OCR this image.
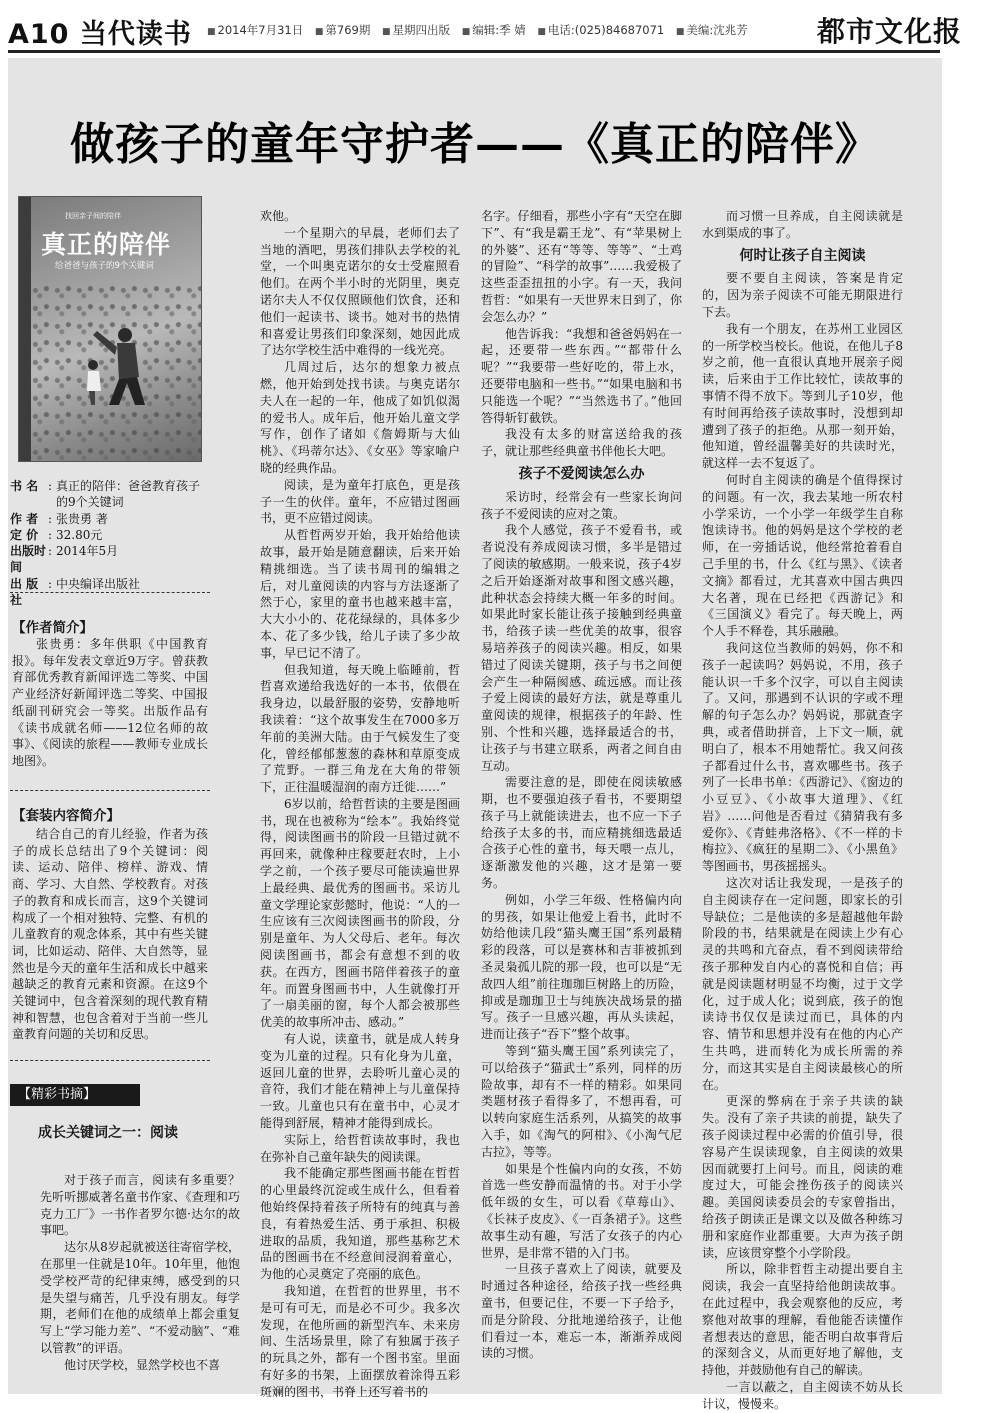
A10 当代读书	■ 2014年7月31日 ■ 第769期 ■ 星期四出版 ■ 编辑:季 婧 ■ 电话:(025)84687071 ■ 美编:沈兆芳	都市文化报
做孩子的童年守护者——《真正的陪伴》
找回亲子间的陪伴
真正的陪伴
给爸爸与孩子的9个关键词
书 名 : 真正的陪伴：爸爸教育孩子的9个关键词
作 者 : 张贵勇 著
定 价 : 32.80元
出版时间
: 2014年5月
出 版 社
: 中央编译出版社
【作者简介】
张贵勇：多年供职《中国教育报》。每年发表文章近9万字。曾获教育部优秀教育新闻评选二等奖、中国产业经济好新闻评选二等奖、中国报纸副刊研究会一等奖。出版作品有《读书成就名师——12位名师的故事》、《阅读的旅程——教师专业成长地图》。
【套装内容简介】
结合自己的育儿经验，作者为孩子的成长总结出了9个关键词：阅读、运动、陪伴、榜样、游戏、情商、学习、大自然、学校教育。对孩子的教育和成长而言，这9个关键词构成了一个相对独特、完整、有机的儿童教育的观念体系，其中有些关键词，比如运动、陪伴、大自然等，显然也是今天的童年生活和成长中越来越缺乏的教育元素和资源。在这9个关键词中，包含着深刻的现代教育精神和智慧，也包含着对于当前一些儿童教育问题的关切和反思。
【精彩书摘】
成长关键词之一：阅读

对于孩子而言，阅读有多重要？先听听挪威著名童书作家、《查理和巧克力工厂》一书作者罗尔德·达尔的故事吧。

达尔从8岁起就被送往寄宿学校，在那里一住就是10年。10年里，他饱受学校严苛的纪律束缚，感受到的只是失望与痛苦，几乎没有朋友。每学期，老师们在他的成绩单上都会重复写上“学习能力差”、“不爱动脑”、“难以管教”的评语。

他讨厌学校，显然学校也不喜

欢他。

一个星期六的早晨，老师们去了当地的酒吧，男孩们排队去学校的礼堂，一个叫奥克诺尔的女士受雇照看他们。在两个半小时的光阴里，奥克诺尔夫人不仅仅照顾他们饮食，还和他们一起读书、谈书。她对书的热情和喜爱让男孩们印象深刻，她因此成了达尔学校生活中难得的一线光亮。

几周过后，达尔的想象力被点燃，他开始到处找书读。与奥克诺尔夫人在一起的一年，他成了如饥似渴的爱书人。成年后，他开始儿童文学写作，创作了诸如《詹姆斯与大仙桃》、《玛蒂尔达》、《女巫》等家喻户晓的经典作品。

阅读，是为童年打底色，更是孩子一生的伙伴。童年，不应错过图画书，更不应错过阅读。

从哲哲两岁开始，我开始给他读故事，最开始是随意翻读，后来开始精挑细选。当了读书周刊的编辑之后，对儿童阅读的内容与方法逐渐了然于心，家里的童书也越来越丰富，大大小小的、花花绿绿的，具体多少本、花了多少钱，给儿子读了多少故事，早已记不清了。

但我知道，每天晚上临睡前，哲哲喜欢递给我选好的一本书，依偎在我身边，以最舒服的姿势，安静地听我读着：“这个故事发生在7000多万年前的美洲大陆。由于气候发生了变化，曾经郁郁葱葱的森林和草原变成了荒野。一群三角龙在大角的带领下，正往温暖湿润的南方迁徙……”

6岁以前，给哲哲读的主要是图画书，现在也被称为“绘本”。我始终觉得，阅读图画书的阶段一旦错过就不再回来，就像种庄稼要赶农时，上小学之前，一个孩子要尽可能读遍世界上最经典、最优秀的图画书。采访儿童文学理论家彭懿时，他说：“人的一生应该有三次阅读图画书的阶段，分别是童年、为人父母后、老年。每次阅读图画书，都会有意想不到的收获。在西方，图画书陪伴着孩子的童年。而置身图画书中，人生就像打开了一扇美丽的窗，每个人都会被那些优美的故事所冲击、感动。”

有人说，读童书，就是成人转身变为儿童的过程。只有化身为儿童，返回儿童的世界，去聆听儿童心灵的音符，我们才能在精神上与儿童保持一致。儿童也只有在童书中，心灵才能得到舒展，精神才能得到成长。

实际上，给哲哲读故事时，我也在弥补自己童年缺失的阅读课。

我不能确定那些图画书能在哲哲的心里最终沉淀或生成什么，但看着他始终保持着孩子所特有的纯真与善良，有着热爱生活、勇于承担、积极进取的品质，我知道，那些基称艺术品的图画书在不经意间浸润着童心，为他的心灵奠定了亮丽的底色。

我知道，在哲哲的世界里，书不是可有可无，而是必不可少。我多次发现，在他所画的新型汽车、未来房间、生活场景里，除了有独属于孩子的玩具之外，都有一个图书室。里面有好多的书架，上面摆放着涂得五彩斑斓的图书，书脊上还写着书的

名字。仔细看，那些小字有“天空在脚下”、有“我是霸王龙”、有“苹果树上的外婆”、还有“等等、等等”、“土鸡的冒险”、“科学的故事”……我爱极了这些歪歪扭扭的小字。有一天，我问哲哲：“如果有一天世界末日到了，你会怎么办？”

他告诉我：“我想和爸爸妈妈在一起，还要带一些东西。”“都带什么呢？”“我要带一些好吃的，带上水，还要带电脑和一些书。”“如果电脑和书只能选一个呢？”“当然选书了。”他回答得斩钉截铁。

我没有太多的财富送给我的孩子，就让那些经典童书伴他长大吧。

孩子不爱阅读怎么办

采访时，经常会有一些家长询问孩子不爱阅读的应对之策。

我个人感觉，孩子不爱看书，或者说没有养成阅读习惯，多半是错过了阅读的敏感期。一般来说，孩子4岁之后开始逐渐对故事和图文感兴趣，此种状态会持续大概一年多的时间。如果此时家长能让孩子接触到经典童书，给孩子读一些优美的故事，很容易培养孩子的阅读兴趣。相反，如果错过了阅读关键期，孩子与书之间便会产生一种隔阂感、疏远感。而让孩子爱上阅读的最好方法，就是尊重儿童阅读的规律，根据孩子的年龄、性别、个性和兴趣，选择最适合的书，让孩子与书建立联系，两者之间自由互动。

需要注意的是，即使在阅读敏感期，也不要强迫孩子看书，不要期望孩子马上就能读进去，也不应一下子给孩子太多的书，而应精挑细选最适合孩子心性的童书，每天喂一点儿，逐渐激发他的兴趣，这才是第一要务。

例如，小学三年级、性格偏内向的男孩，如果让他爱上看书，此时不妨给他读几段“猫头鹰王国”系列最精彩的段落，可以是赛林和吉菲被抓到圣灵枭孤儿院的那一段，也可以是“无敌四人组”前往珈珈巨树路上的历险，抑或是珈珈卫士与纯族决战场景的描写。孩子一旦感兴趣，再从头读起，进而让孩子“吞下”整个故事。

等到“猫头鹰王国”系列读完了，可以给孩子“猫武士”系列，同样的历险故事，却有不一样的精彩。如果同类题材孩子看得多了，不想再看，可以转向家庭生活系列，从搞笑的故事入手，如《淘气的阿柑》、《小淘气尼古拉》，等等。

如果是个性偏内向的女孩，不妨首选一些安静而温情的书。对于小学低年级的女生，可以看《草莓山》、《长袜子皮皮》、《一百条裙子》。这些故事生动有趣，写活了女孩子的内心世界，是非常不错的入门书。

一旦孩子喜欢上了阅读，就要及时通过各种途径，给孩子找一些经典童书，但要记住，不要一下子给予，而是分阶段、分批地递给孩子，让他们看过一本，难忘一本，渐渐养成阅读的习惯。

而习惯一旦养成，自主阅读就是水到渠成的事了。

何时让孩子自主阅读

要不要自主阅读，答案是肯定的，因为亲子阅读不可能无期限进行下去。

我有一个朋友，在苏州工业园区的一所学校当校长。他说，在他儿子8岁之前，他一直很认真地开展亲子阅读，后来由于工作比较忙，读故事的事情不得不放下。等到儿子10岁，他有时间再给孩子读故事时，没想到却遭到了孩子的拒绝。从那一刻开始，他知道，曾经温馨美好的共读时光，就这样一去不复返了。

何时自主阅读的确是个值得探讨的问题。有一次，我去某地一所农村小学采访，一个小学一年级学生自称饱读诗书。他的妈妈是这个学校的老师，在一旁插话说，他经常抢着看自己手里的书，什么《红与黑》、《读者文摘》都看过，尤其喜欢中国古典四大名著，现在已经把《西游记》和《三国演义》看完了。每天晚上，两个人手不释卷，其乐融融。

我问这位当教师的妈妈，你不和孩子一起读吗？妈妈说，不用，孩子能认识一千多个汉字，可以自主阅读了。又问，那遇到不认识的字或不理解的句子怎么办？妈妈说，那就查字典，或者借助拼音，上下文一顺，就明白了，根本不用她帮忙。我又问孩子都看过什么书，喜欢哪些书。孩子列了一长串书单：《西游记》、《窗边的小豆豆》、《小故事大道理》、《红岩》……问他是否看过《猜猜我有多爱你》、《青蛙弗洛格》、《不一样的卡梅拉》、《疯狂的星期二》、《小黑鱼》等图画书，男孩摇摇头。

这次对话让我发现，一是孩子的自主阅读存在一定问题，即家长的引导缺位；二是他读的多是超越他年龄阶段的书，结果就是在阅读上少有心灵的共鸣和亢奋点，看不到阅读带给孩子那种发自内心的喜悦和自信；再就是阅读题材明显不均衡，过于文学化，过于成人化；说到底，孩子的饱读诗书仅仅是读过而已，具体的内容、情节和思想并没有在他的内心产生共鸣，进而转化为成长所需的养分，而这其实是自主阅读最核心的所在。

更深的弊病在于亲子共读的缺失。没有了亲子共读的前提，缺失了孩子阅读过程中必需的价值引导，很容易产生误读现象，自主阅读的效果因而就要打上问号。而且，阅读的难度过大，可能会挫伤孩子的阅读兴趣。美国阅读委员会的专家曾指出，给孩子朗读正是课文以及做各种练习册和家庭作业都重要。大声为孩子朗读，应该贯穿整个小学阶段。

所以，除非哲哲主动提出要自主阅读，我会一直坚持给他朗读故事。在此过程中，我会观察他的反应，考察他对故事的理解，看他能否读懂作者想表达的意思，能否明白故事背后的深刻含义，从而更好地了解他，支持他，并鼓励他有自己的解读。

一言以蔽之，自主阅读不妨从长计议，慢慢来。
